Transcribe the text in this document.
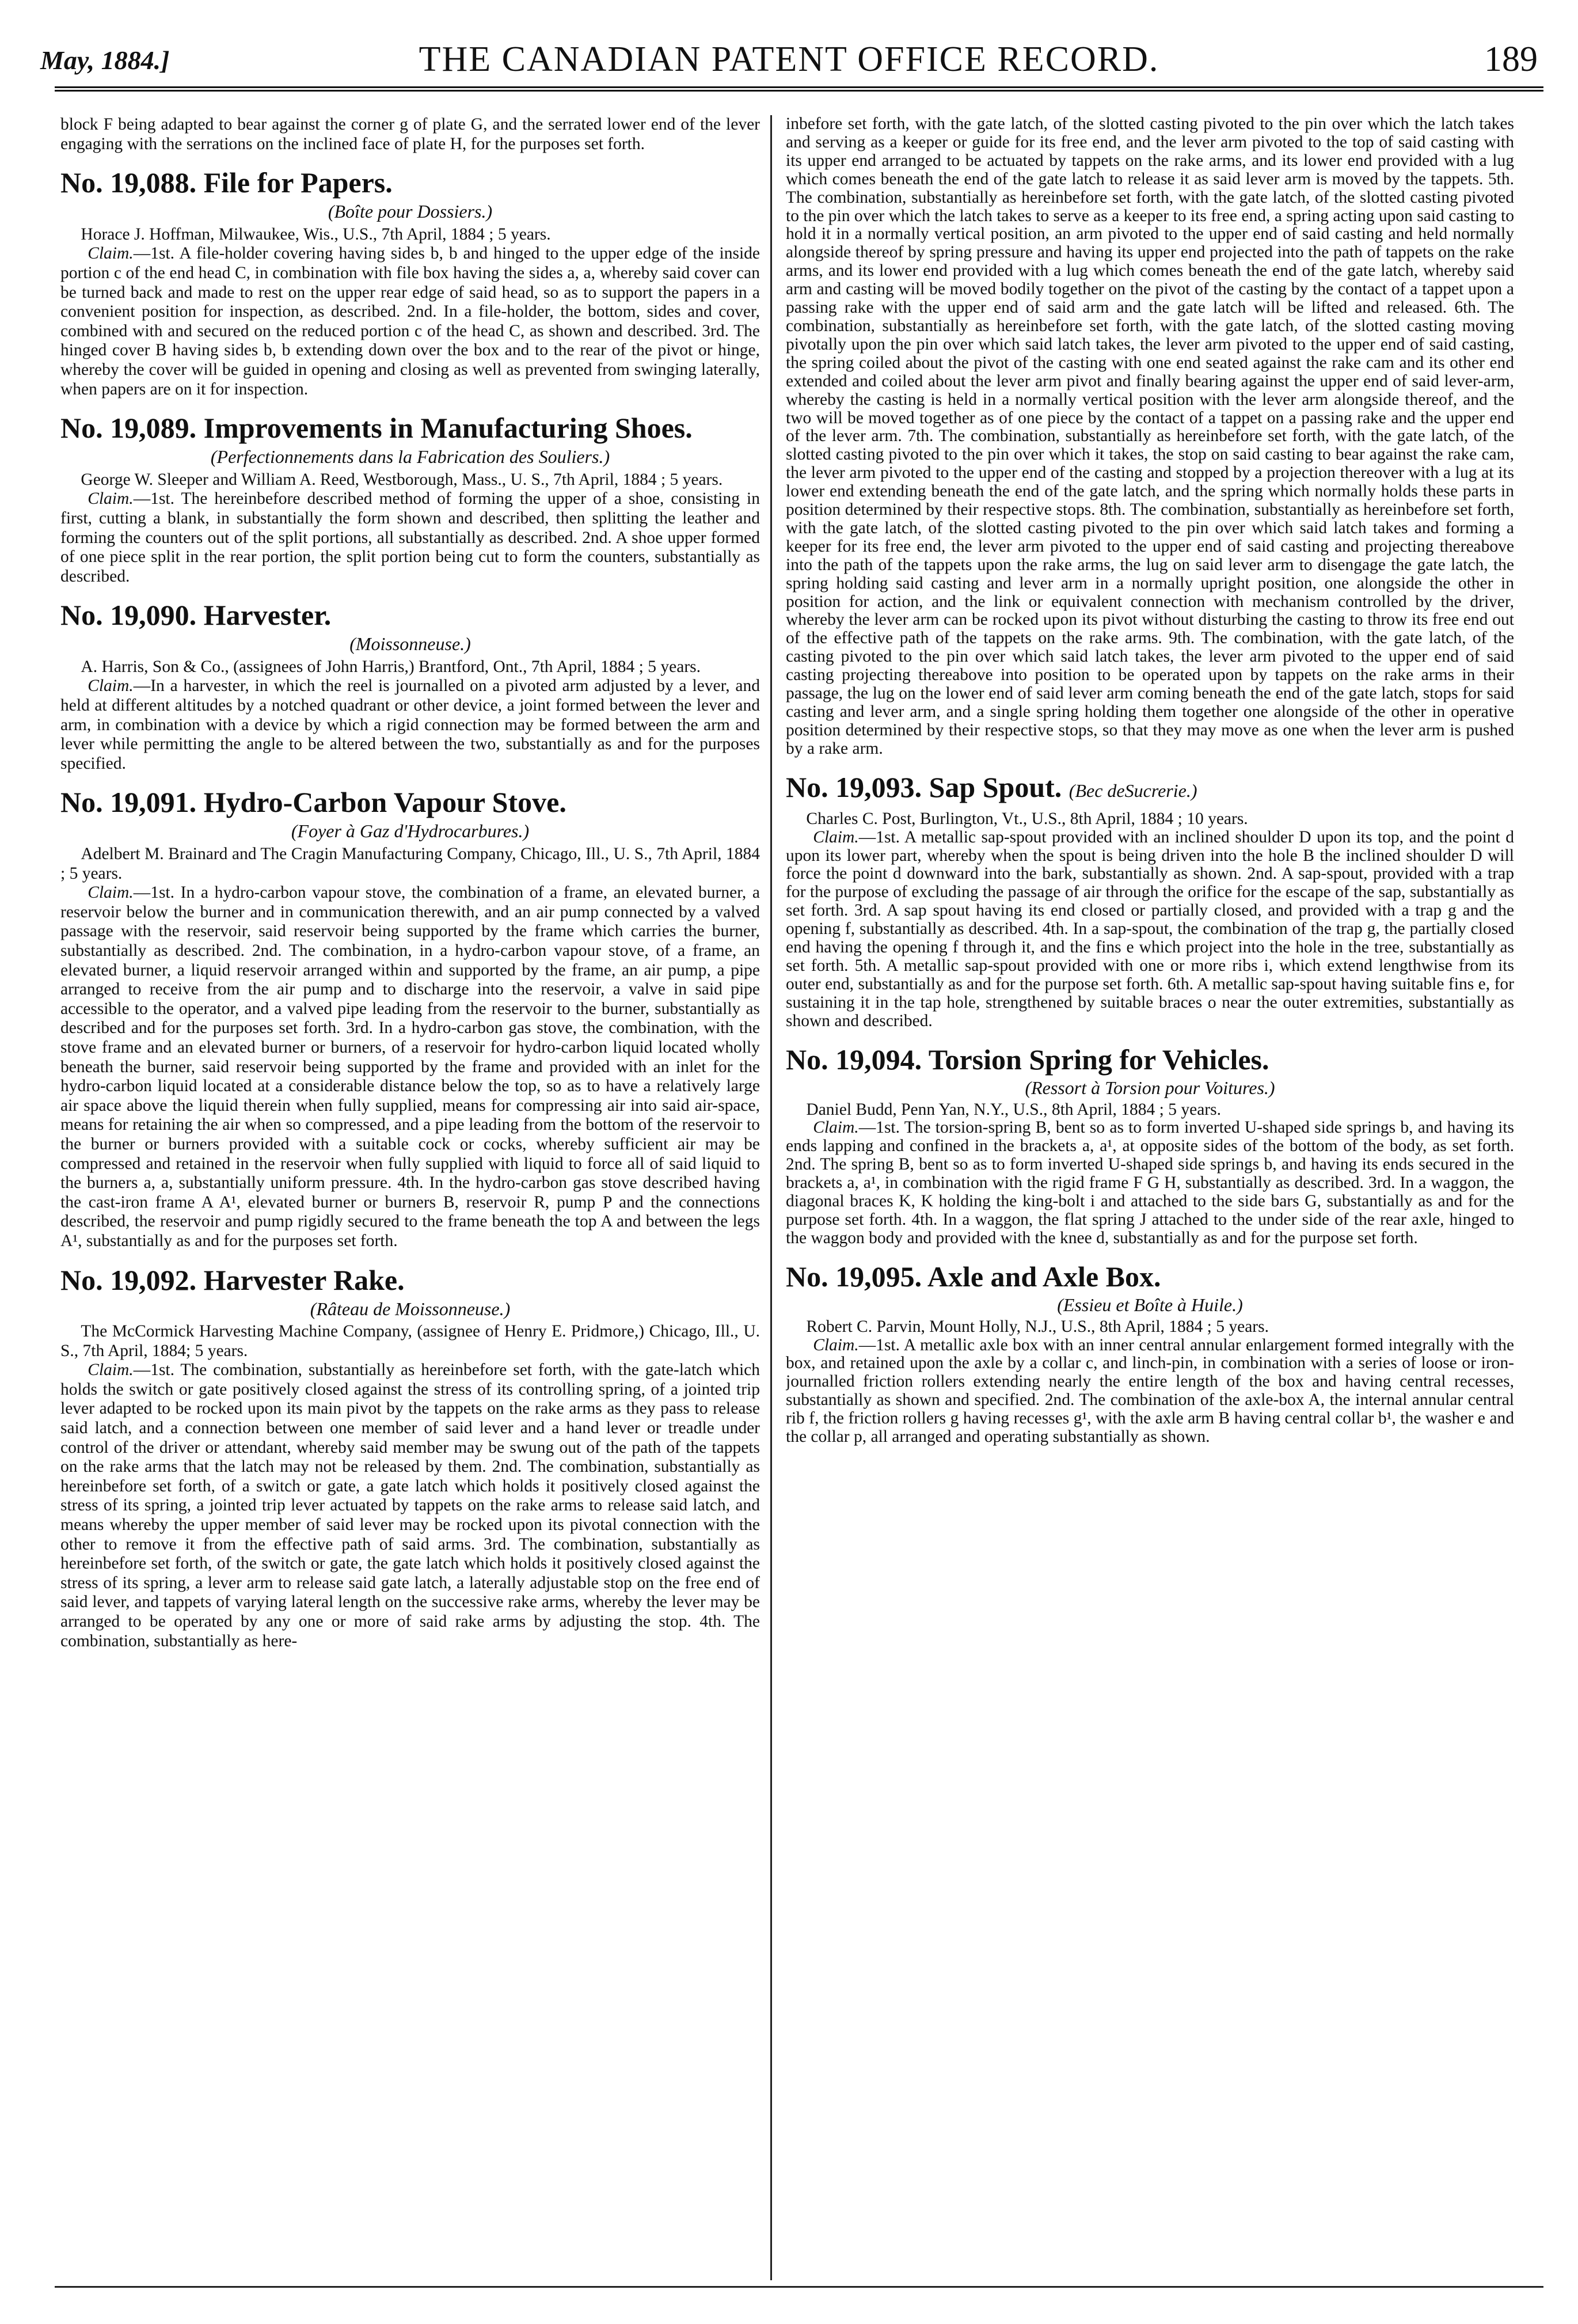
May, 1884.]	THE CANADIAN PATENT OFFICE RECORD.	189

block F being adapted to bear against the corner g of plate G, and the serrated lower end of the lever engaging with the serrations on the inclined face of plate H, for the purposes set forth.

No. 19,088. File for Papers.
(Boîte pour Dossiers.)

Horace J. Hoffman, Milwaukee, Wis., U.S., 7th April, 1884 ; 5 years.

Claim.—1st. A file-holder covering having sides b, b and hinged to the upper edge of the inside portion c of the end head C, in combination with file box having the sides a, a, whereby said cover can be turned back and made to rest on the upper rear edge of said head, so as to support the papers in a convenient position for inspection, as described. 2nd. In a file-holder, the bottom, sides and cover, combined with and secured on the reduced portion c of the head C, as shown and described. 3rd. The hinged cover B having sides b, b extending down over the box and to the rear of the pivot or hinge, whereby the cover will be guided in opening and closing as well as prevented from swinging laterally, when papers are on it for inspection.

No. 19,089. Improvements in Manufacturing Shoes.
(Perfectionnements dans la Fabrication des Souliers.)

George W. Sleeper and William A. Reed, Westborough, Mass., U. S., 7th April, 1884 ; 5 years.

Claim.—1st. The hereinbefore described method of forming the upper of a shoe, consisting in first, cutting a blank, in substantially the form shown and described, then splitting the leather and forming the counters out of the split portions, all substantially as described. 2nd. A shoe upper formed of one piece split in the rear portion, the split portion being cut to form the counters, substantially as described.

No. 19,090. Harvester.
(Moissonneuse.)

A. Harris, Son & Co., (assignees of John Harris,) Brantford, Ont., 7th April, 1884 ; 5 years.

Claim.—In a harvester, in which the reel is journalled on a pivoted arm adjusted by a lever, and held at different altitudes by a notched quadrant or other device, a joint formed between the lever and arm, in combination with a device by which a rigid connection may be formed between the arm and lever while permitting the angle to be altered between the two, substantially as and for the purposes specified.

No. 19,091. Hydro-Carbon Vapour Stove.
(Foyer à Gaz d'Hydrocarbures.)

Adelbert M. Brainard and The Cragin Manufacturing Company, Chicago, Ill., U. S., 7th April, 1884 ; 5 years.

Claim.—1st. In a hydro-carbon vapour stove, the combination of a frame, an elevated burner, a reservoir below the burner and in communication therewith, and an air pump connected by a valved passage with the reservoir, said reservoir being supported by the frame which carries the burner, substantially as described. 2nd. The combination, in a hydro-carbon vapour stove, of a frame, an elevated burner, a liquid reservoir arranged within and supported by the frame, an air pump, a pipe arranged to receive from the air pump and to discharge into the reservoir, a valve in said pipe accessible to the operator, and a valved pipe leading from the reservoir to the burner, substantially as described and for the purposes set forth. 3rd. In a hydro-carbon gas stove, the combination, with the stove frame and an elevated burner or burners, of a reservoir for hydro-carbon liquid located wholly beneath the burner, said reservoir being supported by the frame and provided with an inlet for the hydro-carbon liquid located at a considerable distance below the top, so as to have a relatively large air space above the liquid therein when fully supplied, means for compressing air into said air-space, means for retaining the air when so compressed, and a pipe leading from the bottom of the reservoir to the burner or burners provided with a suitable cock or cocks, whereby sufficient air may be compressed and retained in the reservoir when fully supplied with liquid to force all of said liquid to the burners a, a, substantially uniform pressure. 4th. In the hydro-carbon gas stove described having the cast-iron frame A A¹, elevated burner or burners B, reservoir R, pump P and the connections described, the reservoir and pump rigidly secured to the frame beneath the top A and between the legs A¹, substantially as and for the purposes set forth.

No. 19,092. Harvester Rake.
(Râteau de Moissonneuse.)

The McCormick Harvesting Machine Company, (assignee of Henry E. Pridmore,) Chicago, Ill., U. S., 7th April, 1884; 5 years.

Claim.—1st. The combination, substantially as hereinbefore set forth, with the gate-latch which holds the switch or gate positively closed against the stress of its controlling spring, of a jointed trip lever adapted to be rocked upon its main pivot by the tappets on the rake arms as they pass to release said latch, and a connection between one member of said lever and a hand lever or treadle under control of the driver or attendant, whereby said member may be swung out of the path of the tappets on the rake arms that the latch may not be released by them. 2nd. The combination, substantially as hereinbefore set forth, of a switch or gate, a gate latch which holds it positively closed against the stress of its spring, a jointed trip lever actuated by tappets on the rake arms to release said latch, and means whereby the upper member of said lever may be rocked upon its pivotal connection with the other to remove it from the effective path of said arms. 3rd. The combination, substantially as hereinbefore set forth, of the switch or gate, the gate latch which holds it positively closed against the stress of its spring, a lever arm to release said gate latch, a laterally adjustable stop on the free end of said lever, and tappets of varying lateral length on the successive rake arms, whereby the lever may be arranged to be operated by any one or more of said rake arms by adjusting the stop. 4th. The combination, substantially as here-

inbefore set forth, with the gate latch, of the slotted casting pivoted to the pin over which the latch takes and serving as a keeper or guide for its free end, and the lever arm pivoted to the top of said casting with its upper end arranged to be actuated by tappets on the rake arms, and its lower end provided with a lug which comes beneath the end of the gate latch to release it as said lever arm is moved by the tappets. 5th. The combination, substantially as hereinbefore set forth, with the gate latch, of the slotted casting pivoted to the pin over which the latch takes to serve as a keeper to its free end, a spring acting upon said casting to hold it in a normally vertical position, an arm pivoted to the upper end of said casting and held normally alongside thereof by spring pressure and having its upper end projected into the path of tappets on the rake arms, and its lower end provided with a lug which comes beneath the end of the gate latch, whereby said arm and casting will be moved bodily together on the pivot of the casting by the contact of a tappet upon a passing rake with the upper end of said arm and the gate latch will be lifted and released. 6th. The combination, substantially as hereinbefore set forth, with the gate latch, of the slotted casting moving pivotally upon the pin over which said latch takes, the lever arm pivoted to the upper end of said casting, the spring coiled about the pivot of the casting with one end seated against the rake cam and its other end extended and coiled about the lever arm pivot and finally bearing against the upper end of said lever-arm, whereby the casting is held in a normally vertical position with the lever arm alongside thereof, and the two will be moved together as of one piece by the contact of a tappet on a passing rake and the upper end of the lever arm. 7th. The combination, substantially as hereinbefore set forth, with the gate latch, of the slotted casting pivoted to the pin over which it takes, the stop on said casting to bear against the rake cam, the lever arm pivoted to the upper end of the casting and stopped by a projection thereover with a lug at its lower end extending beneath the end of the gate latch, and the spring which normally holds these parts in position determined by their respective stops. 8th. The combination, substantially as hereinbefore set forth, with the gate latch, of the slotted casting pivoted to the pin over which said latch takes and forming a keeper for its free end, the lever arm pivoted to the upper end of said casting and projecting thereabove into the path of the tappets upon the rake arms, the lug on said lever arm to disengage the gate latch, the spring holding said casting and lever arm in a normally upright position, one alongside the other in position for action, and the link or equivalent connection with mechanism controlled by the driver, whereby the lever arm can be rocked upon its pivot without disturbing the casting to throw its free end out of the effective path of the tappets on the rake arms. 9th. The combination, with the gate latch, of the casting pivoted to the pin over which said latch takes, the lever arm pivoted to the upper end of said casting projecting thereabove into position to be operated upon by tappets on the rake arms in their passage, the lug on the lower end of said lever arm coming beneath the end of the gate latch, stops for said casting and lever arm, and a single spring holding them together one alongside of the other in operative position determined by their respective stops, so that they may move as one when the lever arm is pushed by a rake arm.

No. 19,093. Sap Spout. (Bec deSucrerie.)

Charles C. Post, Burlington, Vt., U.S., 8th April, 1884 ; 10 years.

Claim.—1st. A metallic sap-spout provided with an inclined shoulder D upon its top, and the point d upon its lower part, whereby when the spout is being driven into the hole B the inclined shoulder D will force the point d downward into the bark, substantially as shown. 2nd. A sap-spout, provided with a trap for the purpose of excluding the passage of air through the orifice for the escape of the sap, substantially as set forth. 3rd. A sap spout having its end closed or partially closed, and provided with a trap g and the opening f, substantially as described. 4th. In a sap-spout, the combination of the trap g, the partially closed end having the opening f through it, and the fins e which project into the hole in the tree, substantially as set forth. 5th. A metallic sap-spout provided with one or more ribs i, which extend lengthwise from its outer end, substantially as and for the purpose set forth. 6th. A metallic sap-spout having suitable fins e, for sustaining it in the tap hole, strengthened by suitable braces o near the outer extremities, substantially as shown and described.

No. 19,094. Torsion Spring for Vehicles.
(Ressort à Torsion pour Voitures.)

Daniel Budd, Penn Yan, N.Y., U.S., 8th April, 1884 ; 5 years.

Claim.—1st. The torsion-spring B, bent so as to form inverted U-shaped side springs b, and having its ends lapping and confined in the brackets a, a¹, at opposite sides of the bottom of the body, as set forth. 2nd. The spring B, bent so as to form inverted U-shaped side springs b, and having its ends secured in the brackets a, a¹, in combination with the rigid frame F G H, substantially as described. 3rd. In a waggon, the diagonal braces K, K holding the king-bolt i and attached to the side bars G, substantially as and for the purpose set forth. 4th. In a waggon, the flat spring J attached to the under side of the rear axle, hinged to the waggon body and provided with the knee d, substantially as and for the purpose set forth.

No. 19,095. Axle and Axle Box.
(Essieu et Boîte à Huile.)

Robert C. Parvin, Mount Holly, N.J., U.S., 8th April, 1884 ; 5 years.

Claim.—1st. A metallic axle box with an inner central annular enlargement formed integrally with the box, and retained upon the axle by a collar c, and linch-pin, in combination with a series of loose or iron-journalled friction rollers extending nearly the entire length of the box and having central recesses, substantially as shown and specified. 2nd. The combination of the axle-box A, the internal annular central rib f, the friction rollers g having recesses g¹, with the axle arm B having central collar b¹, the washer e and the collar p, all arranged and operating substantially as shown.
